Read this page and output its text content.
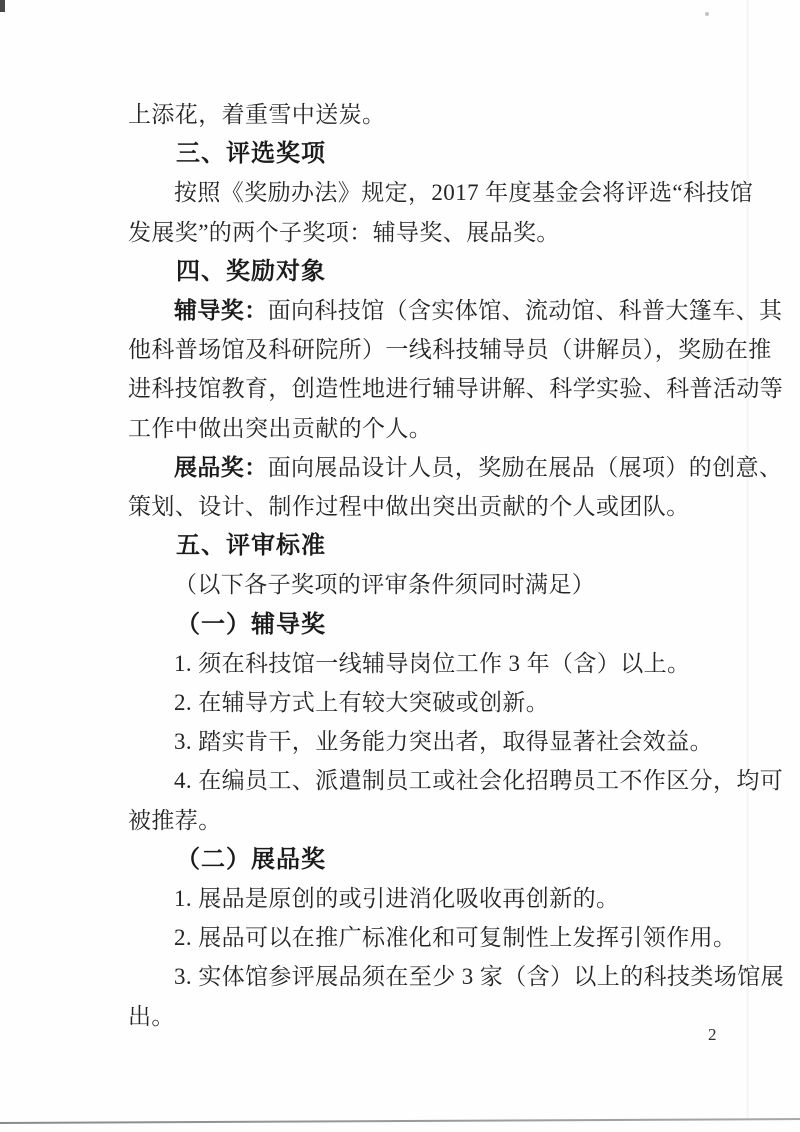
上添花，着重雪中送炭。

三、评选奖项

按照《奖励办法》规定，2017 年度基金会将评选“科技馆

发展奖”的两个子奖项：辅导奖、展品奖。

四、奖励对象

辅导奖：面向科技馆（含实体馆、流动馆、科普大篷车、其

他科普场馆及科研院所）一线科技辅导员（讲解员），奖励在推

进科技馆教育，创造性地进行辅导讲解、科学实验、科普活动等

工作中做出突出贡献的个人。

展品奖：面向展品设计人员，奖励在展品（展项）的创意、

策划、设计、制作过程中做出突出贡献的个人或团队。

五、评审标准

（以下各子奖项的评审条件须同时满足）

（一）辅导奖

1. 须在科技馆一线辅导岗位工作 3 年（含）以上。

2. 在辅导方式上有较大突破或创新。

3. 踏实肯干，业务能力突出者，取得显著社会效益。

4. 在编员工、派遣制员工或社会化招聘员工不作区分，均可

被推荐。

（二）展品奖

1. 展品是原创的或引进消化吸收再创新的。

2. 展品可以在推广标准化和可复制性上发挥引领作用。

3. 实体馆参评展品须在至少 3 家（含）以上的科技类场馆展

出。

2
